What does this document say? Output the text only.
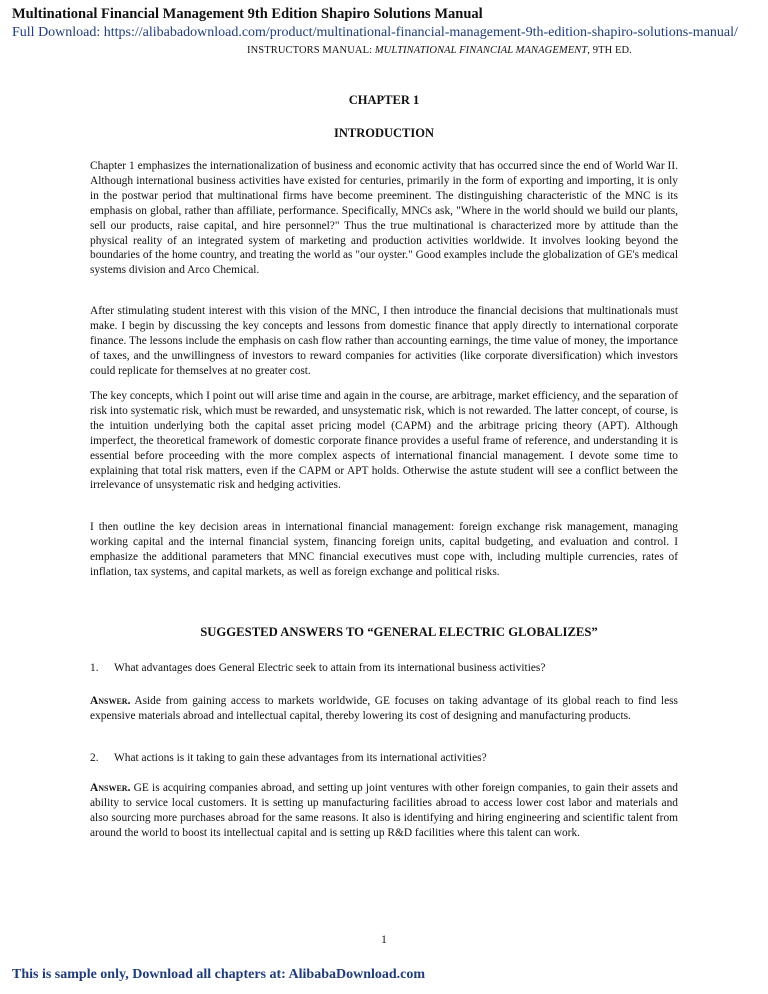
Multinational Financial Management 9th Edition Shapiro Solutions Manual
Full Download: https://alibabadownload.com/product/multinational-financial-management-9th-edition-shapiro-solutions-manual/
INSTRUCTORS MANUAL: MULTINATIONAL FINANCIAL MANAGEMENT, 9TH ED.
CHAPTER 1
INTRODUCTION
Chapter 1 emphasizes the internationalization of business and economic activity that has occurred since the end of World War II. Although international business activities have existed for centuries, primarily in the form of exporting and importing, it is only in the postwar period that multinational firms have become preeminent. The distinguishing characteristic of the MNC is its emphasis on global, rather than affiliate, performance. Specifically, MNCs ask, "Where in the world should we build our plants, sell our products, raise capital, and hire personnel?" Thus the true multinational is characterized more by attitude than the physical reality of an integrated system of marketing and production activities worldwide. It involves looking beyond the boundaries of the home country, and treating the world as "our oyster." Good examples include the globalization of GE's medical systems division and Arco Chemical.
After stimulating student interest with this vision of the MNC, I then introduce the financial decisions that multinationals must make. I begin by discussing the key concepts and lessons from domestic finance that apply directly to international corporate finance. The lessons include the emphasis on cash flow rather than accounting earnings, the time value of money, the importance of taxes, and the unwillingness of investors to reward companies for activities (like corporate diversification) which investors could replicate for themselves at no greater cost.
The key concepts, which I point out will arise time and again in the course, are arbitrage, market efficiency, and the separation of risk into systematic risk, which must be rewarded, and unsystematic risk, which is not rewarded. The latter concept, of course, is the intuition underlying both the capital asset pricing model (CAPM) and the arbitrage pricing theory (APT). Although imperfect, the theoretical framework of domestic corporate finance provides a useful frame of reference, and understanding it is essential before proceeding with the more complex aspects of international financial management. I devote some time to explaining that total risk matters, even if the CAPM or APT holds. Otherwise the astute student will see a conflict between the irrelevance of unsystematic risk and hedging activities.
I then outline the key decision areas in international financial management: foreign exchange risk management, managing working capital and the internal financial system, financing foreign units, capital budgeting, and evaluation and control. I emphasize the additional parameters that MNC financial executives must cope with, including multiple currencies, rates of inflation, tax systems, and capital markets, as well as foreign exchange and political risks.
SUGGESTED ANSWERS TO “GENERAL ELECTRIC GLOBALIZES”
1. What advantages does General Electric seek to attain from its international business activities?
Answer. Aside from gaining access to markets worldwide, GE focuses on taking advantage of its global reach to find less expensive materials abroad and intellectual capital, thereby lowering its cost of designing and manufacturing products.
2. What actions is it taking to gain these advantages from its international activities?
Answer. GE is acquiring companies abroad, and setting up joint ventures with other foreign companies, to gain their assets and ability to service local customers. It is setting up manufacturing facilities abroad to access lower cost labor and materials and also sourcing more purchases abroad for the same reasons. It also is identifying and hiring engineering and scientific talent from around the world to boost its intellectual capital and is setting up R&D facilities where this talent can work.
1
This is sample only, Download all chapters at: AlibabaDownload.com
